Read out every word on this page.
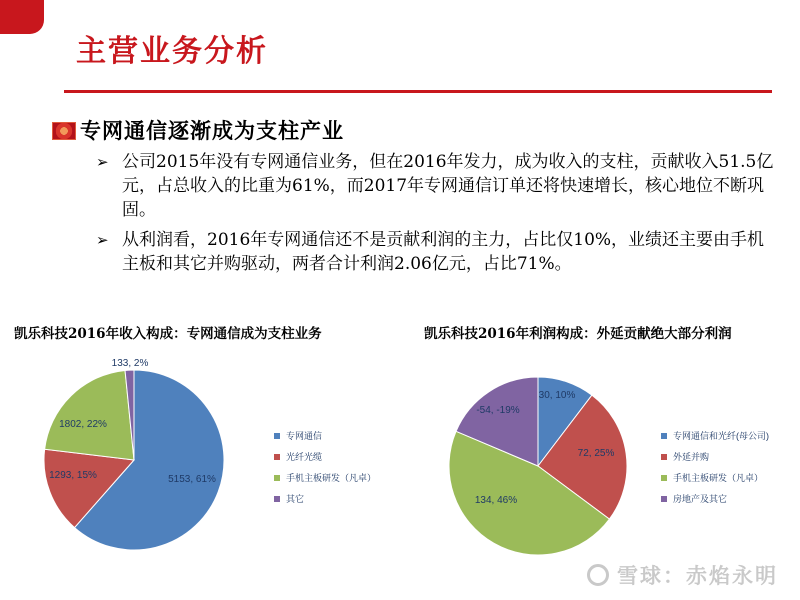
主营业务分析
专网通信逐渐成为支柱产业
➢ 公司2015年没有专网通信业务，但在2016年发力，成为收入的支柱，贡献收入51.5亿元，占总收入的比重为61%，而2017年专网通信订单还将快速增长，核心地位不断巩固。
➢ 从利润看，2016年专网通信还不是贡献利润的主力，占比仅10%，业绩还主要由手机主板和其它并购驱动，两者合计利润2.06亿元，占比71%。
凯乐科技2016年收入构成：专网通信成为支柱业务	凯乐科技2016年利润构成：外延贡献绝大部分利润
5153, 61%
1293, 15%
1802, 22%
133, 2%
30, 10%
72, 25%
134, 46%
-54, -19%
专网通信
光纤光缆
手机主板研发（凡卓）
其它
专网通信和光纤(母公司)
外延并购
手机主板研发（凡卓）
房地产及其它
雪球：赤焰永明
